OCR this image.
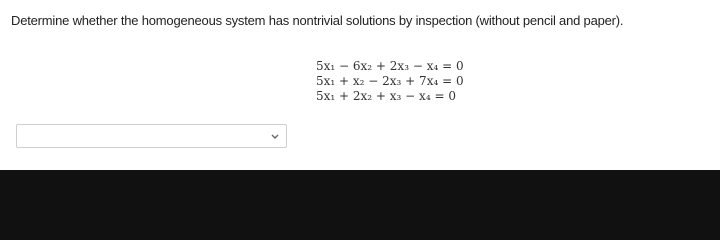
Determine whether the homogeneous system has nontrivial solutions by inspection (without pencil and paper).
5x₁ − 6x₂ + 2x₃ − x₄ = 0
5x₁ + x₂ − 2x₃ + 7x₄ = 0
5x₁ + 2x₂ + x₃ − x₄ = 0
